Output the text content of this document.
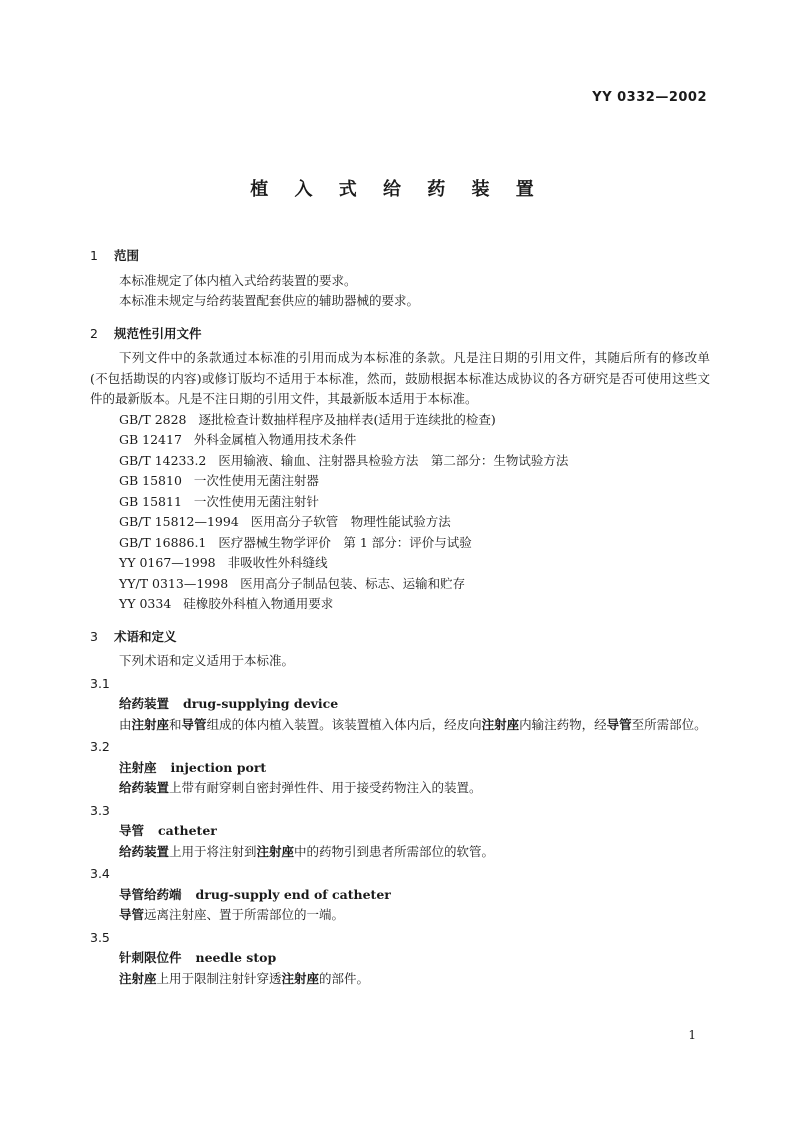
YY 0332—2002
植 入 式 给 药 装 置
1 范围

本标准规定了体内植入式给药装置的要求。

本标准未规定与给药装置配套供应的辅助器械的要求。

2 规范性引用文件

下列文件中的条款通过本标准的引用而成为本标准的条款。凡是注日期的引用文件，其随后所有的修改单(不包括勘误的内容)或修订版均不适用于本标准，然而，鼓励根据本标准达成协议的各方研究是否可使用这些文件的最新版本。凡是不注日期的引用文件，其最新版本适用于本标准。

GB/T 2828 逐批检查计数抽样程序及抽样表(适用于连续批的检查)

GB 12417 外科金属植入物通用技术条件

GB/T 14233.2 医用输液、输血、注射器具检验方法　第二部分：生物试验方法

GB 15810 一次性使用无菌注射器

GB 15811 一次性使用无菌注射针

GB/T 15812—1994 医用高分子软管　物理性能试验方法

GB/T 16886.1 医疗器械生物学评价　第 1 部分：评价与试验

YY 0167—1998 非吸收性外科缝线

YY/T 0313—1998 医用高分子制品包装、标志、运输和贮存

YY 0334 硅橡胶外科植入物通用要求

3 术语和定义

下列术语和定义适用于本标准。

3.1

给药装置 drug-supplying device

由注射座和导管组成的体内植入装置。该装置植入体内后，经皮向注射座内输注药物，经导管至所需部位。

3.2

注射座 injection port

给药装置上带有耐穿刺自密封弹性件、用于接受药物注入的装置。

3.3

导管 catheter

给药装置上用于将注射到注射座中的药物引到患者所需部位的软管。

3.4

导管给药端 drug-supply end of catheter

导管远离注射座、置于所需部位的一端。

3.5

针刺限位件 needle stop

注射座上用于限制注射针穿透注射座的部件。

1
